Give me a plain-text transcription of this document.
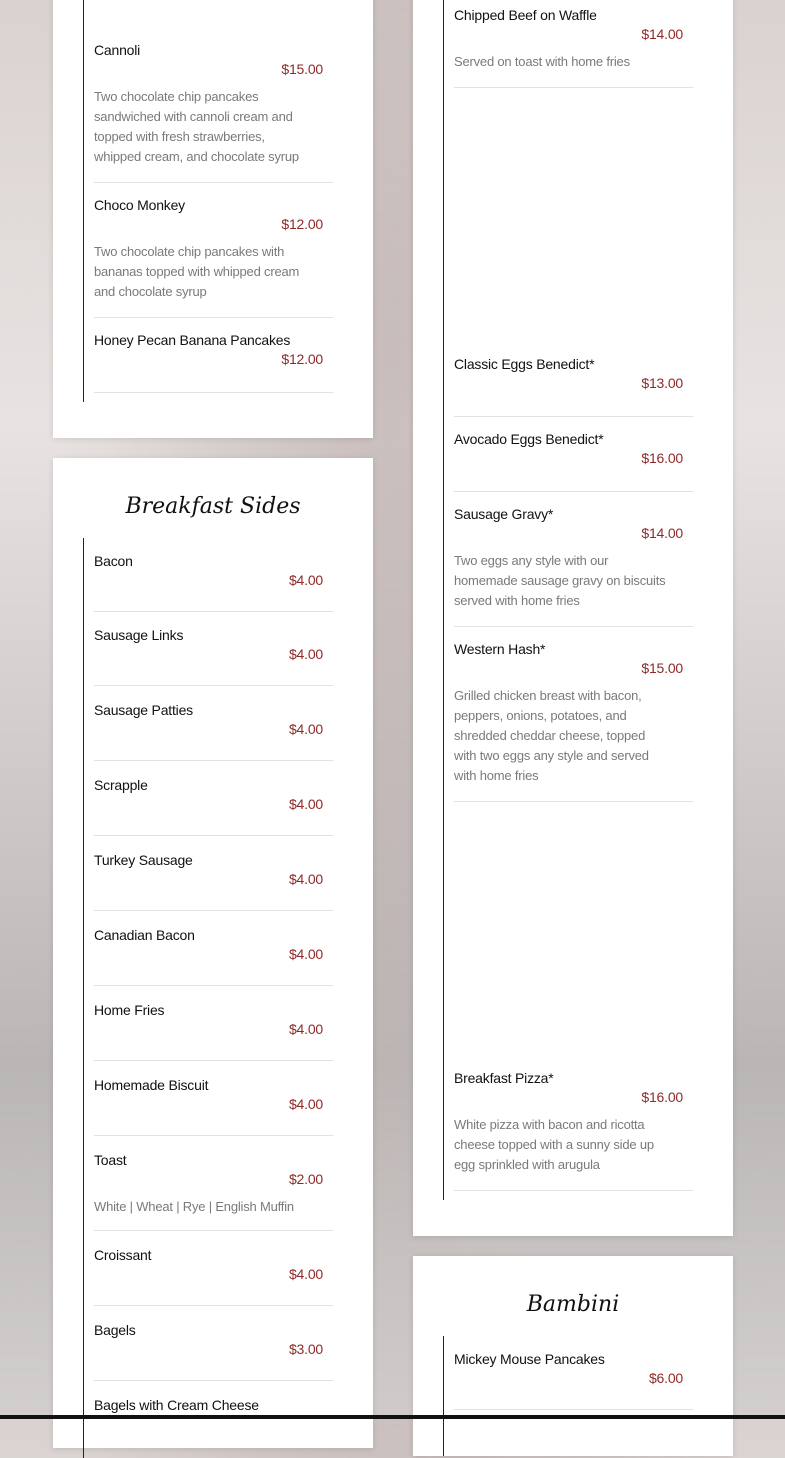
Cannoli
$15.00
Two chocolate chip pancakes sandwiched with cannoli cream and topped with fresh strawberries, whipped cream, and chocolate syrup
Choco Monkey
$12.00
Two chocolate chip pancakes with bananas topped with whipped cream and chocolate syrup
Honey Pecan Banana Pancakes
$12.00
Breakfast Sides
Bacon
$4.00
Sausage Links
$4.00
Sausage Patties
$4.00
Scrapple
$4.00
Turkey Sausage
$4.00
Canadian Bacon
$4.00
Home Fries
$4.00
Homemade Biscuit
$4.00
Toast
$2.00
White | Wheat | Rye | English Muffin
Croissant
$4.00
Bagels
$3.00
Bagels with Cream Cheese
Chipped Beef on Waffle
$14.00
Served on toast with home fries
Classic Eggs Benedict*
$13.00
Avocado Eggs Benedict*
$16.00
Sausage Gravy*
$14.00
Two eggs any style with our homemade sausage gravy on biscuits served with home fries
Western Hash*
$15.00
Grilled chicken breast with bacon, peppers, onions, potatoes, and shredded cheddar cheese, topped with two eggs any style and served with home fries
Breakfast Pizza*
$16.00
White pizza with bacon and ricotta cheese topped with a sunny side up egg sprinkled with arugula
Bambini
Mickey Mouse Pancakes
$6.00
